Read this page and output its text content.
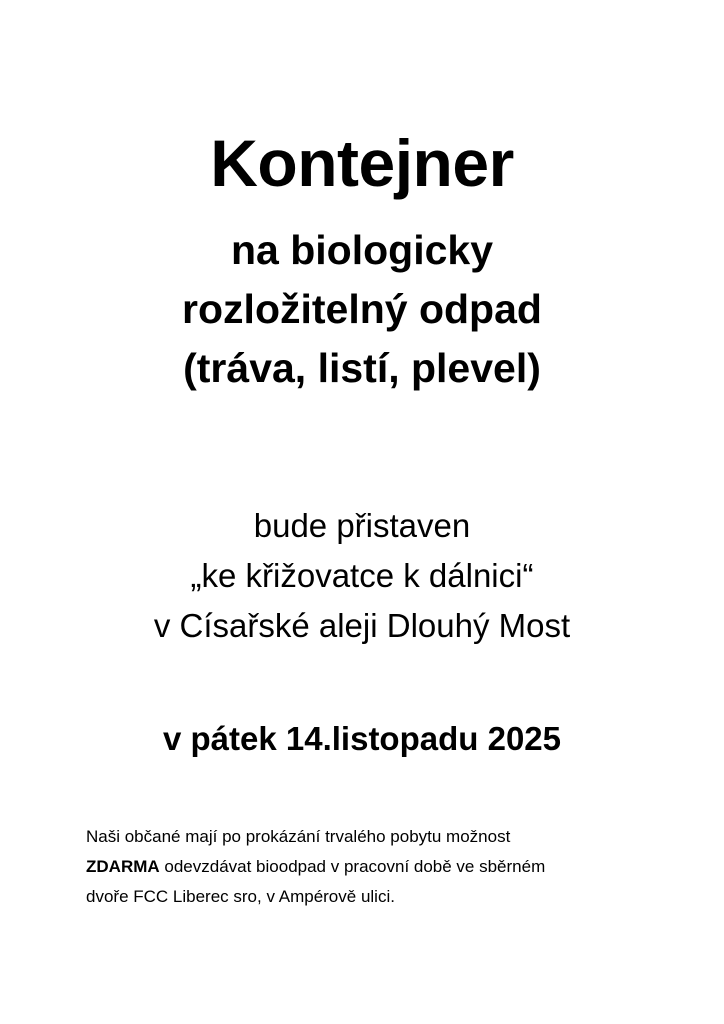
Kontejner
na biologicky
rozložitelný odpad
(tráva, listí, plevel)
bude přistaven
„ke křižovatce k dálnici“
v Císařské aleji Dlouhý Most
v pátek 14.listopadu 2025
Naši občané mají po prokázání trvalého pobytu možnost
ZDARMA odevzdávat bioodpad v pracovní době ve sběrném
dvoře FCC Liberec sro, v Ampérově ulici.
